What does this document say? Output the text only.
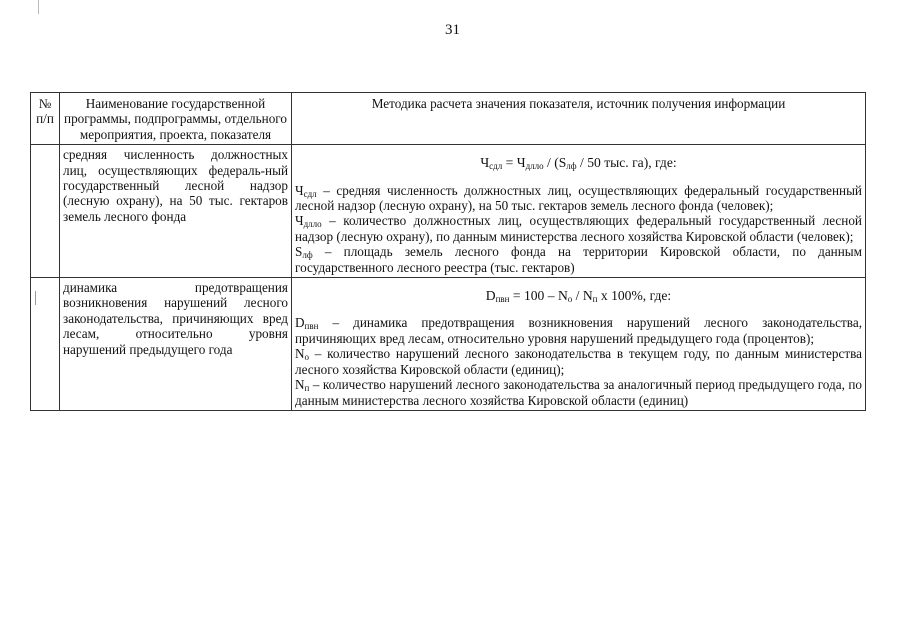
31
№ п/п	Наименование государственной программы, подпрограммы, отдельного мероприятия, проекта, показателя	Методика расчета значения показателя, источник получения информации
	средняя численность должностных лиц, осуществляющих федераль-ный государственный лесной надзор (лесную охрану), на 50 тыс. гектаров земель лесного фонда	$Ч_{сдл} = Ч_{длло} / (S_{лф} / 50$ тыс. га), где:

$Ч_{сдл}$ – средняя численность должностных лиц, осуществляющих федеральный государственный лесной надзор (лесную охрану), на 50 тыс. гектаров земель лесного фонда (человек);

$Ч_{длло}$ – количество должностных лиц, осуществляющих федеральный государственный лесной надзор (лесную охрану), по данным министерства лесного хозяйства Кировской области (человек);

$S_{лф}$ – площадь земель лесного фонда на территории Кировской области, по данным государственного лесного реестра (тыс. гектаров)

	динамика предотвращения возникновения нарушений лесного законодательства, причиняющих вред лесам, относительно уровня нарушений предыдущего года	$D_{пвн} = 100 - N_о / N_п$ x 100%, где:

$D_{пвн}$ – динамика предотвращения возникновения нарушений лесного законодательства, причиняющих вред лесам, относительно уровня нарушений предыдущего года (процентов);

$N_о$ – количество нарушений лесного законодательства в текущем году, по данным министерства лесного хозяйства Кировской области (единиц);

$N_п$ – количество нарушений лесного законодательства за аналогичный период предыдущего года, по данным министерства лесного хозяйства Кировской области (единиц)
